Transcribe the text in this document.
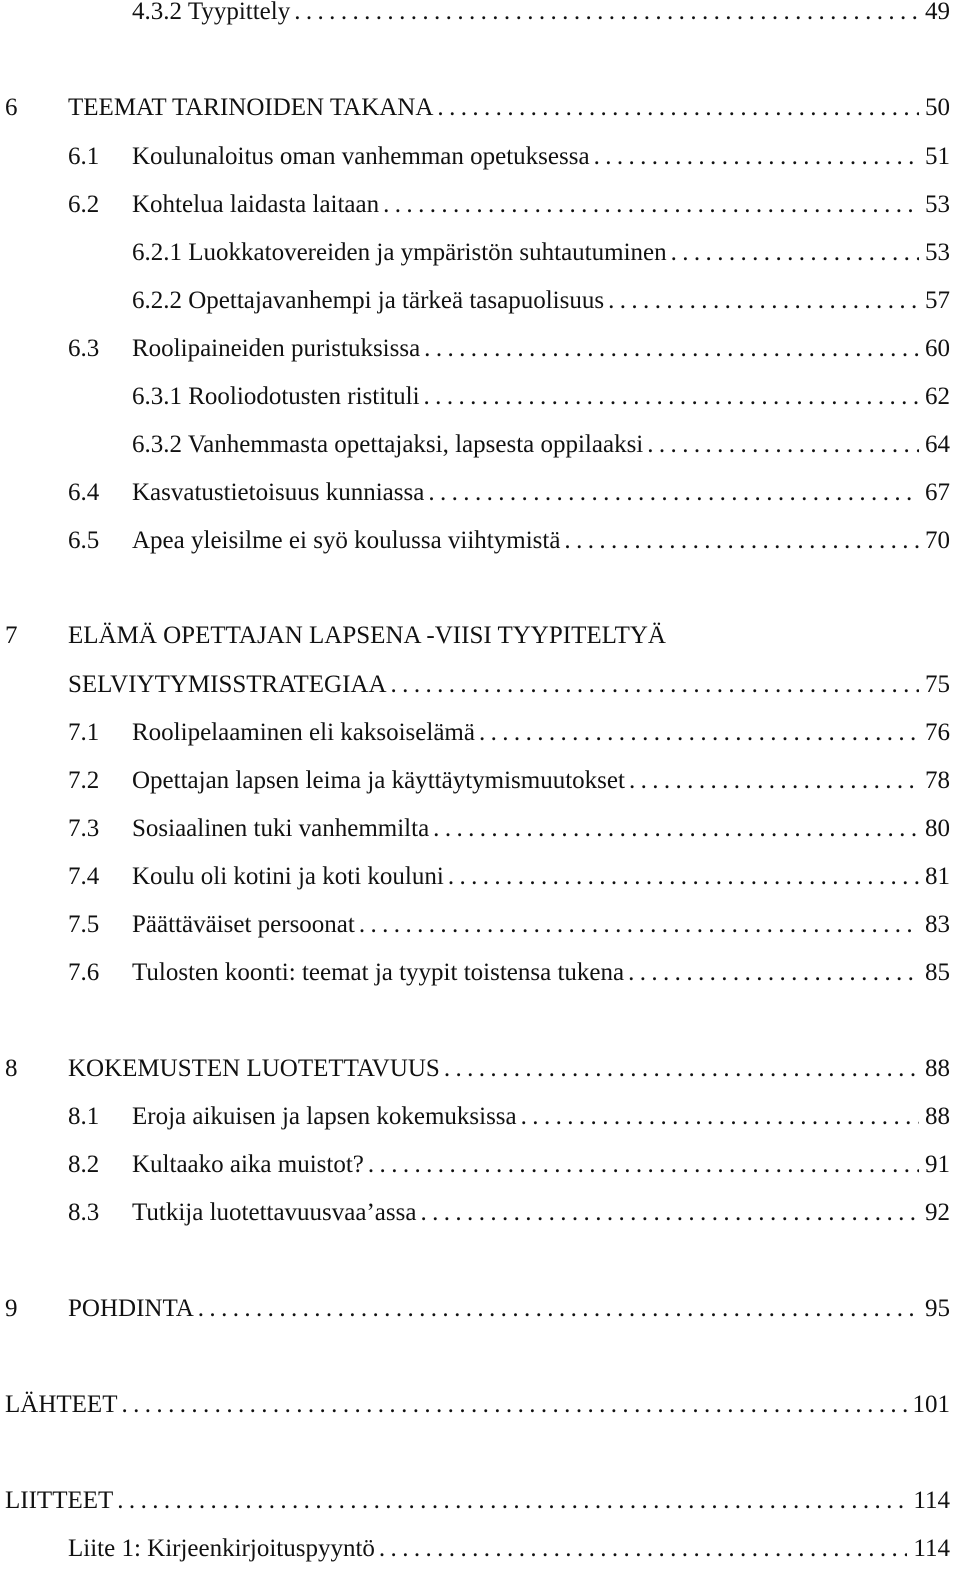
4.3.2 Tyypittely .....	49
6 TEEMAT TARINOIDEN TAKANA .....	50
6.1 Koulunaloitus oman vanhemman opetuksessa .....	51
6.2 Kohtelua laidasta laitaan .....	53
6.2.1 Luokkatovereiden ja ympäristön suhtautuminen .....	53
6.2.2 Opettajavanhempi ja tärkeä tasapuolisuus .....	57
6.3 Roolipaineiden puristuksissa .....	60
6.3.1 Rooliodotusten ristituli .....	62
6.3.2 Vanhemmasta opettajaksi, lapsesta oppilaaksi .....	64
6.4 Kasvatustietoisuus kunniassa .....	67
6.5 Apea yleisilme ei syö koulussa viihtymistä .....	70
7 ELÄMÄ OPETTAJAN LAPSENA -VIISI TYYPITELTYÄ
SELVIYTYMISSTRATEGIAA .....	75
7.1 Roolipelaaminen eli kaksoiselämä .....	76
7.2 Opettajan lapsen leima ja käyttäytymismuutokset .....	78
7.3 Sosiaalinen tuki vanhemmilta .....	80
7.4 Koulu oli kotini ja koti kouluni .....	81
7.5 Päättäväiset persoonat .....	83
7.6 Tulosten koonti: teemat ja tyypit toistensa tukena .....	85
8 KOKEMUSTEN LUOTETTAVUUS .....	88
8.1 Eroja aikuisen ja lapsen kokemuksissa .....	88
8.2 Kultaako aika muistot? .....	91
8.3 Tutkija luotettavuusvaa’assa .....	92
9 POHDINTA .....	95
LÄHTEET .....	101
LIITTEET .....	114
Liite 1: Kirjeenkirjoituspyyntö .....	114
